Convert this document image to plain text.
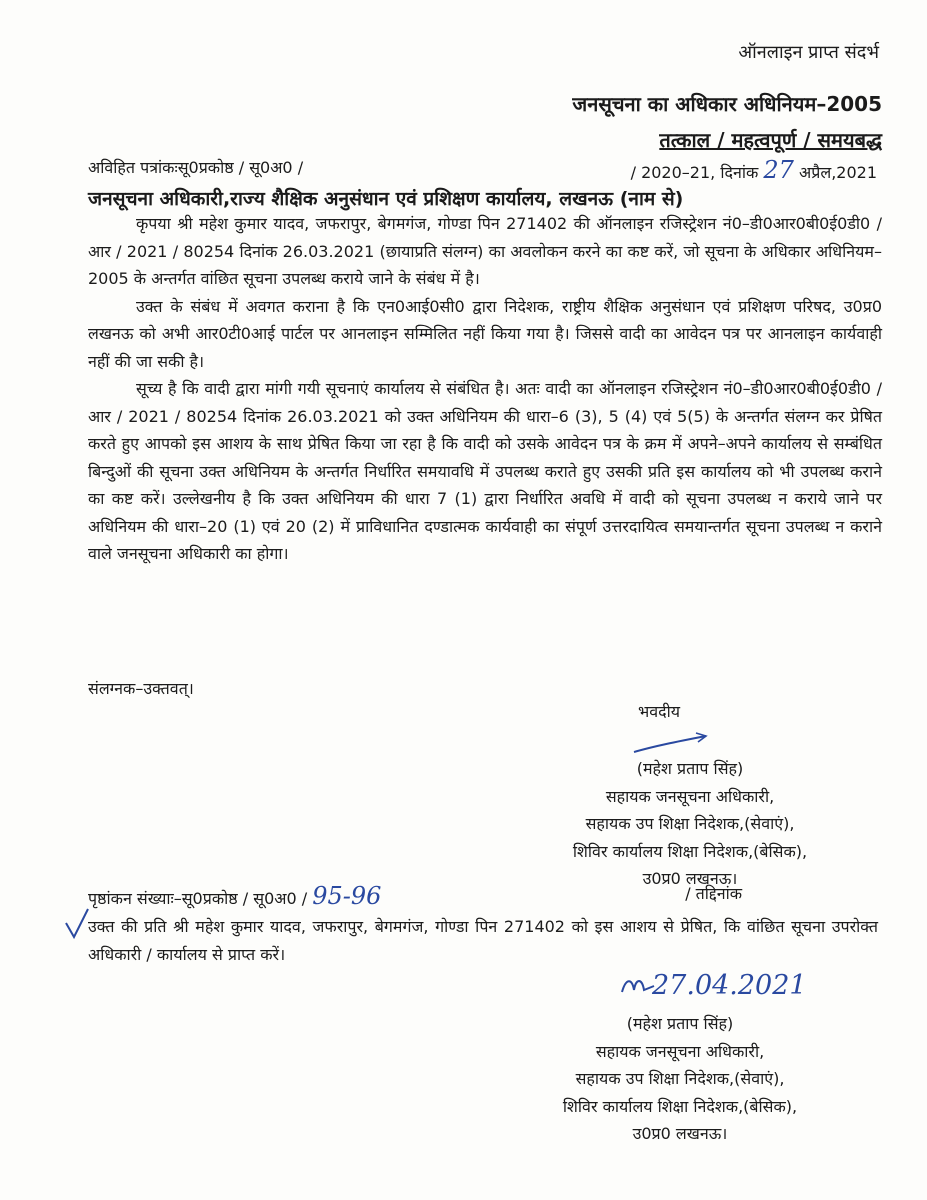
ऑनलाइन प्राप्त संदर्भ
जनसूचना का अधिकार अधिनियम–2005
तत्काल / महत्वपूर्ण / समयबद्ध
अविहित पत्रांकःसू0प्रकोष्ठ / सू0अ0 /	/ 2020–21, दिनांक 27 अप्रैल,2021
जनसूचना अधिकारी,राज्य शैक्षिक अनुसंधान एवं प्रशिक्षण कार्यालय, लखनऊ (नाम से)

कृपया श्री महेश कुमार यादव, जफरापुर, बेगमगंज, गोण्डा पिन 271402 की ऑनलाइन रजिस्ट्रेशन नं0–डी0आर0बी0ई0डी0 / आर / 2021 / 80254 दिनांक 26.03.2021 (छायाप्रति संलग्न) का अवलोकन करने का कष्ट करें, जो सूचना के अधिकार अधिनियम–2005 के अन्तर्गत वांछित सूचना उपलब्ध कराये जाने के संबंध में है।

उक्त के संबंध में अवगत कराना है कि एन0आई0सी0 द्वारा निदेशक, राष्ट्रीय शैक्षिक अनुसंधान एवं प्रशिक्षण परिषद, उ0प्र0 लखनऊ को अभी आर0टी0आई पार्टल पर आनलाइन सम्मिलित नहीं किया गया है। जिससे वादी का आवेदन पत्र पर आनलाइन कार्यवाही नहीं की जा सकी है।

सूच्य है कि वादी द्वारा मांगी गयी सूचनाएं कार्यालय से संबंधित है। अतः वादी का ऑनलाइन रजिस्ट्रेशन नं0–डी0आर0बी0ई0डी0 / आर / 2021 / 80254 दिनांक 26.03.2021 को उक्त अधिनियम की धारा–6 (3), 5 (4) एवं 5(5) के अन्तर्गत संलग्न कर प्रेषित करते हुए आपको इस आशय के साथ प्रेषित किया जा रहा है कि वादी को उसके आवेदन पत्र के क्रम में अपने–अपने कार्यालय से सम्बंधित बिन्दुओं की सूचना उक्त अधिनियम के अन्तर्गत निर्धारित समयावधि में उपलब्ध कराते हुए उसकी प्रति इस कार्यालय को भी उपलब्ध कराने का कष्ट करें। उल्लेखनीय है कि उक्त अधिनियम की धारा 7 (1) द्वारा निर्धारित अवधि में वादी को सूचना उपलब्ध न कराये जाने पर अधिनियम की धारा–20 (1) एवं 20 (2) में प्राविधानित दण्डात्मक कार्यवाही का संपूर्ण उत्तरदायित्व समयान्तर्गत सूचना उपलब्ध न कराने वाले जनसूचना अधिकारी का होगा।

संलग्नक–उक्तवत्।
भवदीय
(महेश प्रताप सिंह)
सहायक जनसूचना अधिकारी,
सहायक उप शिक्षा निदेशक,(सेवाएं),
शिविर कार्यालय शिक्षा निदेशक,(बेसिक),
उ0प्र0 लखनऊ।
पृष्ठांकन संख्याः–सू0प्रकोष्ठ / सू0अ0 / 95-96	/ तद्दिनांक
उक्त की प्रति श्री महेश कुमार यादव, जफरापुर, बेगमगंज, गोण्डा पिन 271402 को इस आशय से प्रेषित, कि वांछित सूचना उपरोक्त अधिकारी / कार्यालय से प्राप्त करें।
27.04.2021
(महेश प्रताप सिंह)
सहायक जनसूचना अधिकारी,
सहायक उप शिक्षा निदेशक,(सेवाएं),
शिविर कार्यालय शिक्षा निदेशक,(बेसिक),
उ0प्र0 लखनऊ।
